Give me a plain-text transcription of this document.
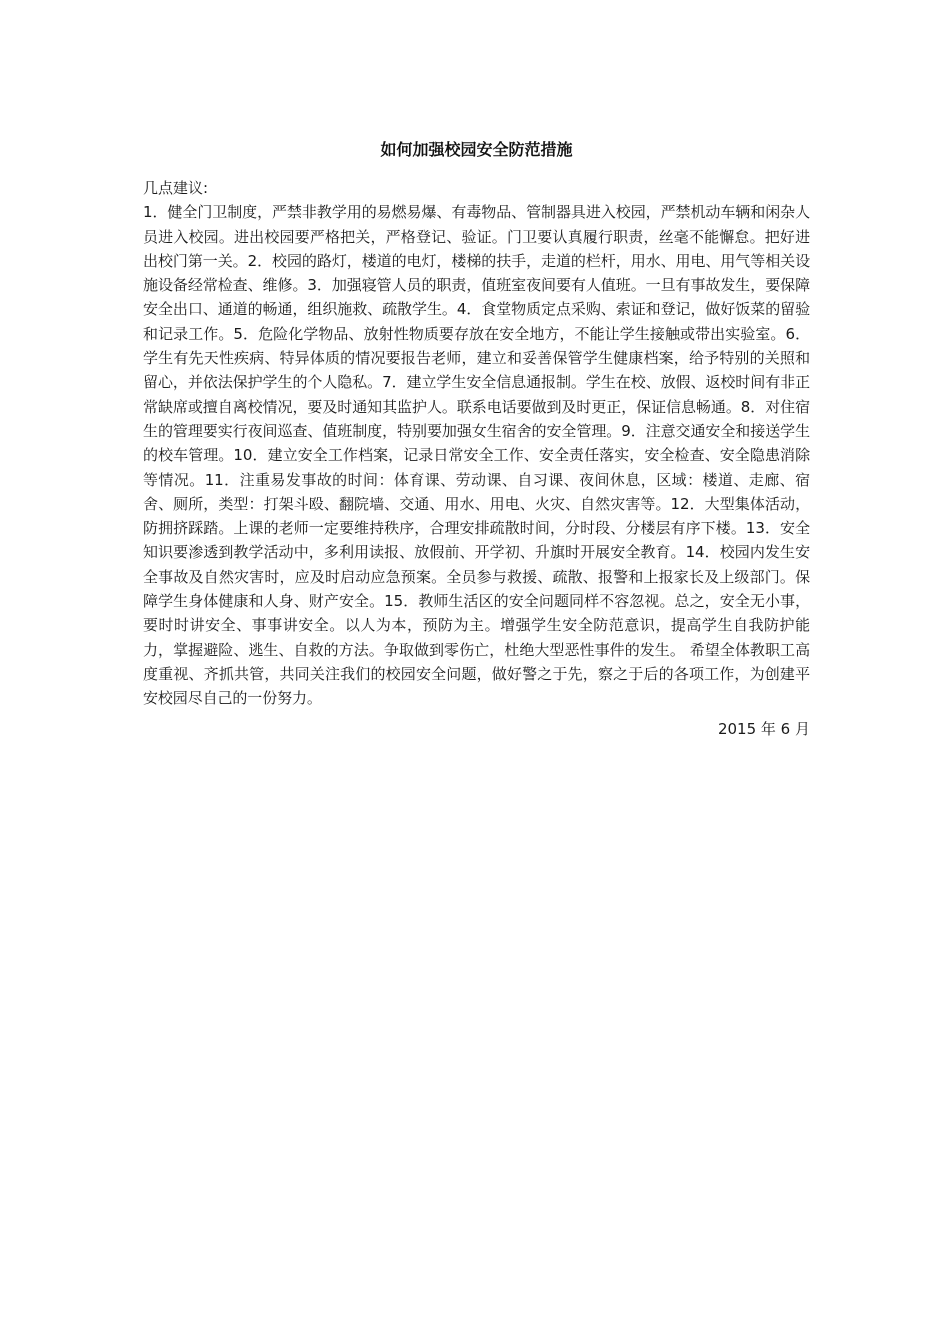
如何加强校园安全防范措施

几点建议:

1．健全门卫制度，严禁非教学用的易燃易爆、有毒物品、管制器具进入校园，严禁机动车辆和闲杂人员进入校园。进出校园要严格把关，严格登记、验证。门卫要认真履行职责，丝毫不能懈怠。把好进出校门第一关。2．校园的路灯，楼道的电灯，楼梯的扶手，走道的栏杆，用水、用电、用气等相关设施设备经常检查、维修。3．加强寝管人员的职责，值班室夜间要有人值班。一旦有事故发生，要保障安全出口、通道的畅通，组织施救、疏散学生。4．食堂物质定点采购、索证和登记，做好饭菜的留验和记录工作。5．危险化学物品、放射性物质要存放在安全地方，不能让学生接触或带出实验室。6．学生有先天性疾病、特异体质的情况要报告老师，建立和妥善保管学生健康档案，给予特别的关照和留心，并依法保护学生的个人隐私。7．建立学生安全信息通报制。学生在校、放假、返校时间有非正常缺席或擅自离校情况，要及时通知其监护人。联系电话要做到及时更正，保证信息畅通。8．对住宿生的管理要实行夜间巡查、值班制度，特别要加强女生宿舍的安全管理。9．注意交通安全和接送学生的校车管理。10．建立安全工作档案，记录日常安全工作、安全责任落实，安全检查、安全隐患消除等情况。11．注重易发事故的时间：体育课、劳动课、自习课、夜间休息，区域：楼道、走廊、宿舍、厕所，类型：打架斗殴、翻院墙、交通、用水、用电、火灾、自然灾害等。12．大型集体活动，防拥挤踩踏。上课的老师一定要维持秩序，合理安排疏散时间，分时段、分楼层有序下楼。13．安全知识要渗透到教学活动中，多利用读报、放假前、开学初、升旗时开展安全教育。14．校园内发生安全事故及自然灾害时，应及时启动应急预案。全员参与救援、疏散、报警和上报家长及上级部门。保障学生身体健康和人身、财产安全。15．教师生活区的安全问题同样不容忽视。总之，安全无小事，要时时讲安全、事事讲安全。以人为本，预防为主。增强学生安全防范意识，提高学生自我防护能力，掌握避险、逃生、自救的方法。争取做到零伤亡，杜绝大型恶性事件的发生。 希望全体教职工高度重视、齐抓共管，共同关注我们的校园安全问题，做好警之于先，察之于后的各项工作，为创建平安校园尽自己的一份努力。

2015 年 6 月
